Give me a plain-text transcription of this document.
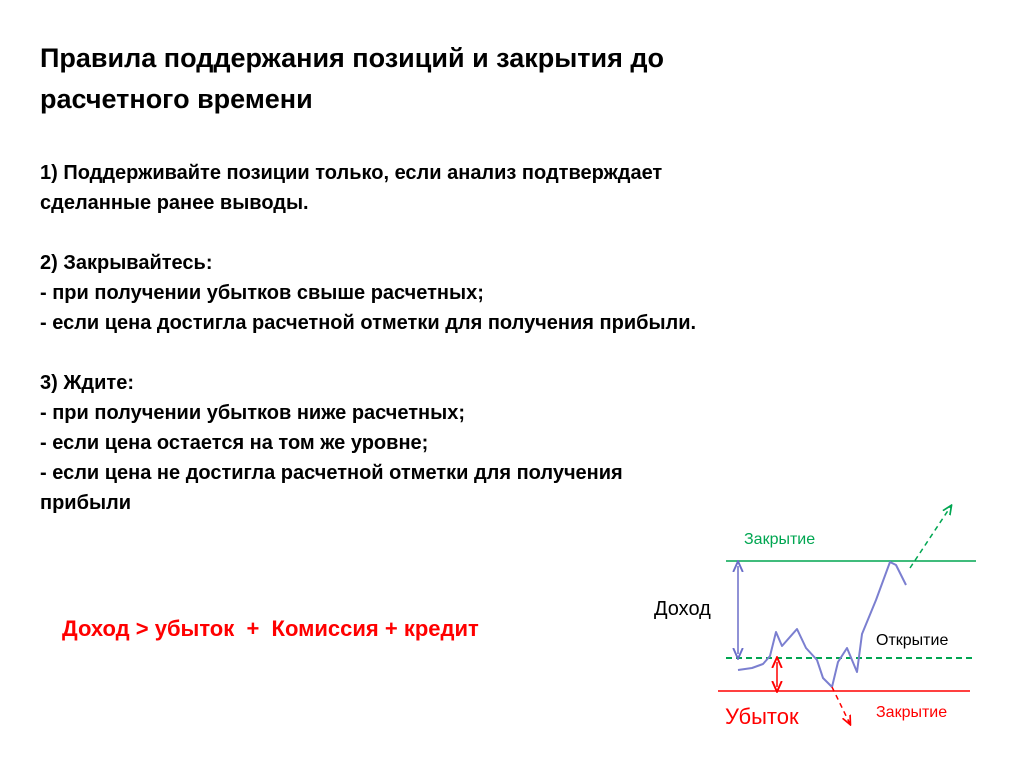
Правила поддержания позиций и закрытия до
расчетного времени

1) Поддерживайте позиции только, если анализ подтверждает

сделанные ранее выводы.

2) Закрывайтесь:

- при получении убытков свыше расчетных;

- если цена достигла расчетной отметки для получения прибыли.

3) Ждите:

- при получении убытков ниже расчетных;

- если цена остается на том же уровне;

- если цена не достигла расчетной отметки для получения

прибыли

Доход > убыток  +  Комиссия + кредит
Закрытие
Доход
Открытие
Убыток	Закрытие
